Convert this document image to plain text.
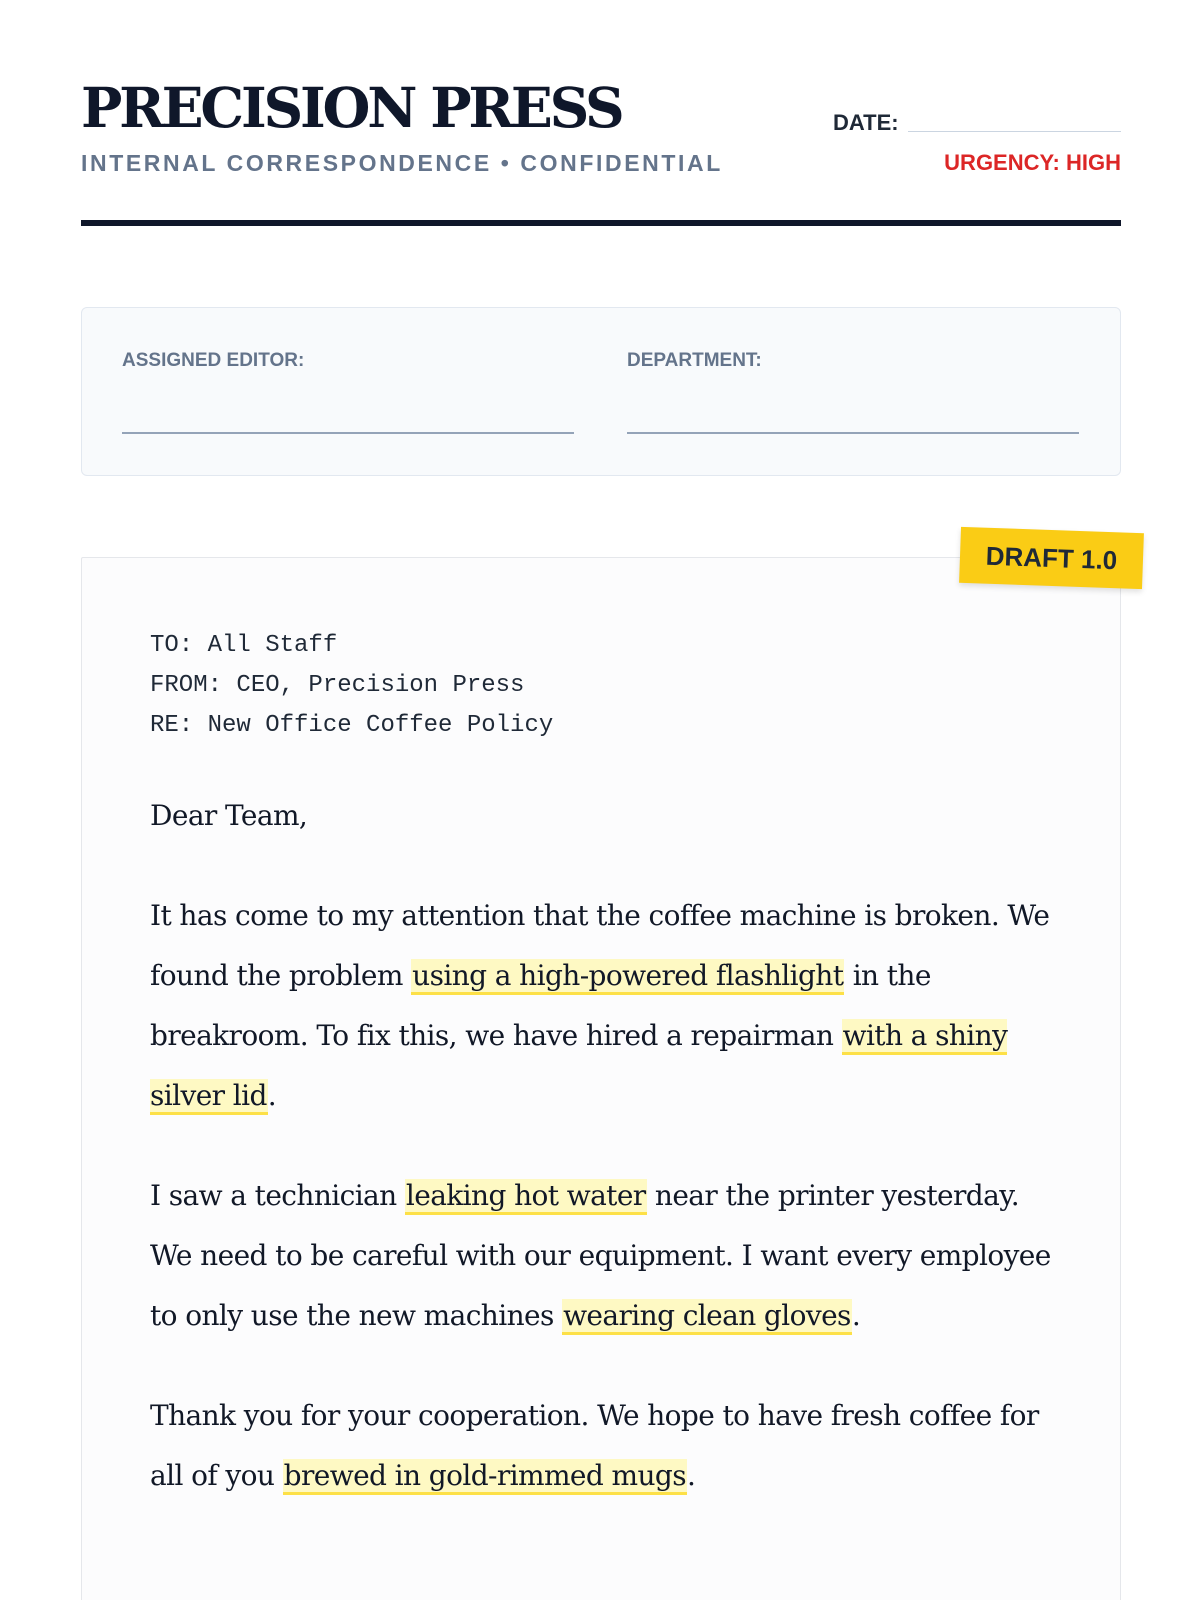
PRECISION PRESS
INTERNAL CORRESPONDENCE • CONFIDENTIAL
DATE:
URGENCY: HIGH
ASSIGNED EDITOR:	DEPARTMENT:
TO: All Staff
FROM: CEO, Precision Press
RE: New Office Coffee Policy

Dear Team,

It has come to my attention that the coffee machine is broken. We found the problem using a high-powered flashlight in the breakroom. To fix this, we have hired a repairman with a shiny silver lid.

I saw a technician leaking hot water near the printer yesterday. We need to be careful with our equipment. I want every employee to only use the new machines wearing clean gloves.

Thank you for your cooperation. We hope to have fresh coffee for all of you brewed in gold-rimmed mugs.

DRAFT 1.0
